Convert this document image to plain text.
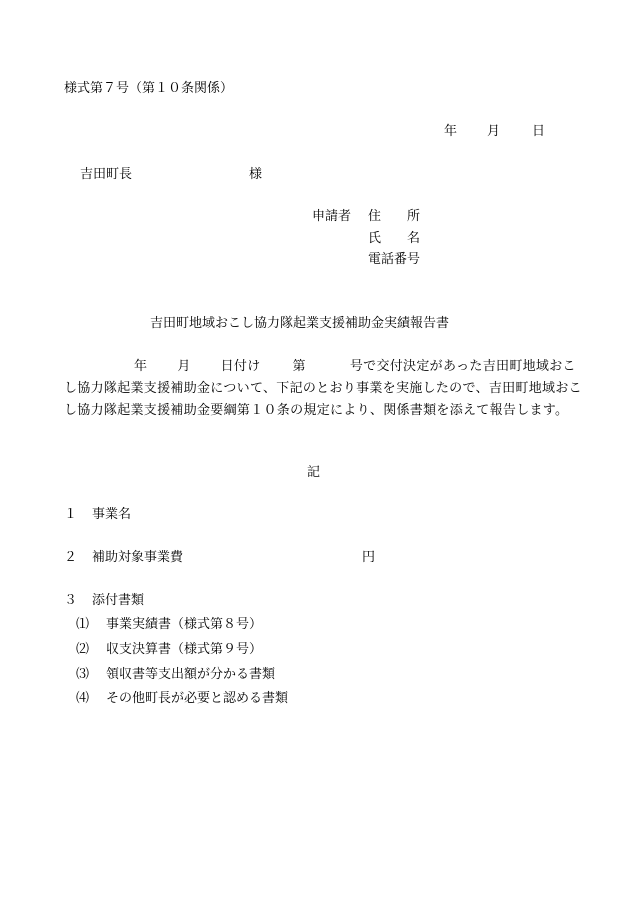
様式第７号（第１０条関係）
年 月 日
吉田町長	様
申請者 住　　所
氏　　名
電話番号
吉田町地域おこし協力隊起業支援補助金実績報告書
年 月 日付け 第	号で交付決定があった吉田町地域おこし協力隊起業支援補助金について、下記のとおり事業を実施したので、吉田町地域おこし協力隊起業支援補助金要綱第１０条の規定により、関係書類を添えて報告します。
記
１ 事業名
２ 補助対象事業費	円
３ 添付書類
⑴ 事業実績書（様式第８号）
⑵ 収支決算書（様式第９号）
⑶ 領収書等支出額が分かる書類
⑷ その他町長が必要と認める書類
